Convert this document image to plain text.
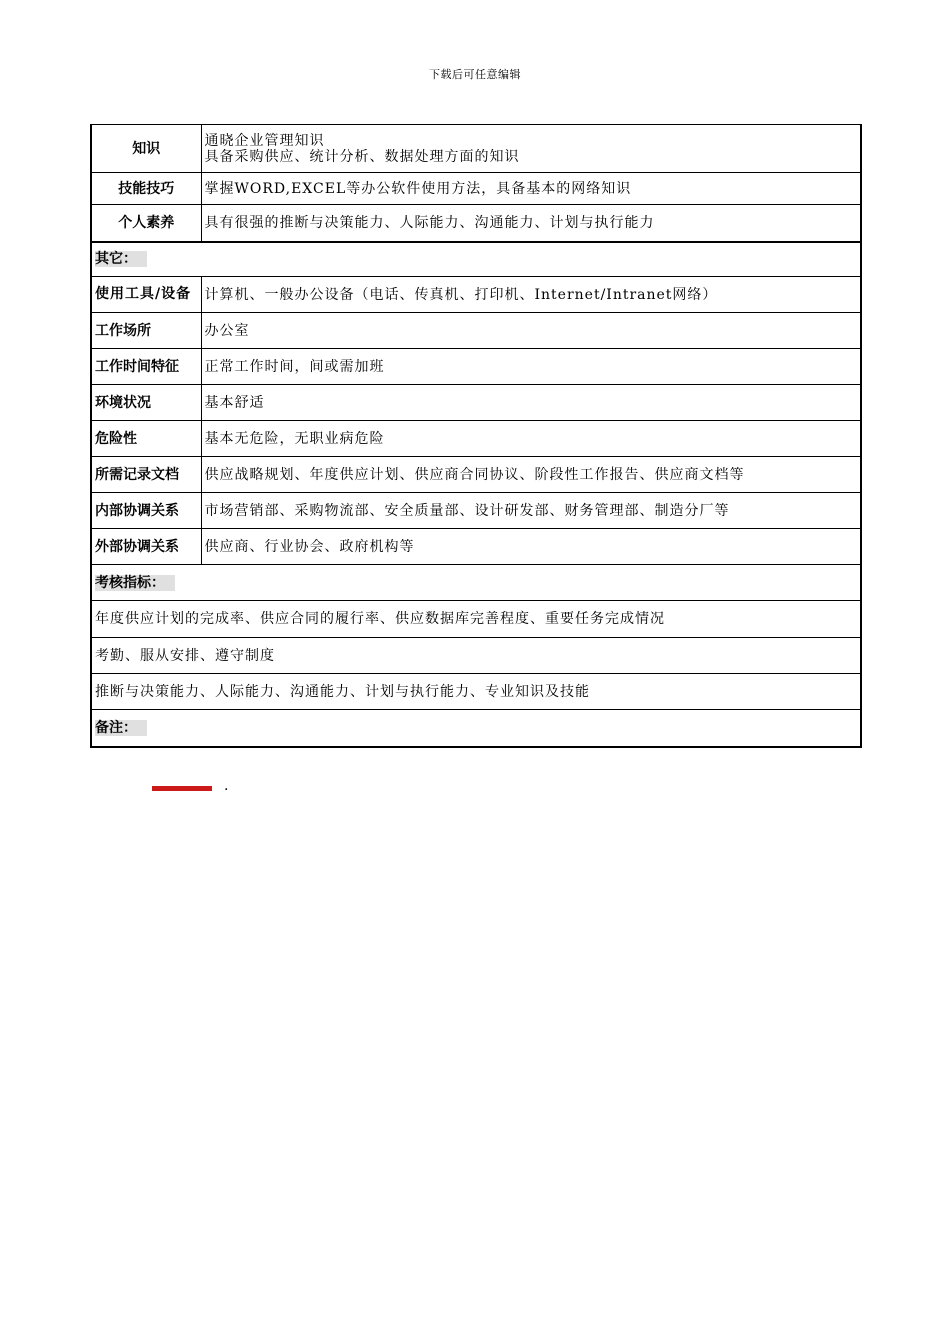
下载后可任意编辑
知识	通晓企业管理知识
具备采购供应、统计分析、数据处理方面的知识

技能技巧	掌握WORD,EXCEL等办公软件使用方法，具备基本的网络知识
个人素养	具有很强的推断与决策能力、人际能力、沟通能力、计划与执行能力
其它：	
使用工具/设备	计算机、一般办公设备（电话、传真机、打印机、Internet/Intranet网络）
工作场所	办公室
工作时间特征	正常工作时间，间或需加班
环境状况	基本舒适
危险性	基本无危险，无职业病危险
所需记录文档	供应战略规划、年度供应计划、供应商合同协议、阶段性工作报告、供应商文档等
内部协调关系	市场营销部、采购物流部、安全质量部、设计研发部、财务管理部、制造分厂等
外部协调关系	供应商、行业协会、政府机构等
考核指标：	
年度供应计划的完成率、供应合同的履行率、供应数据库完善程度、重要任务完成情况	
考勤、服从安排、遵守制度	
推断与决策能力、人际能力、沟通能力、计划与执行能力、专业知识及技能	
备注：	
.
